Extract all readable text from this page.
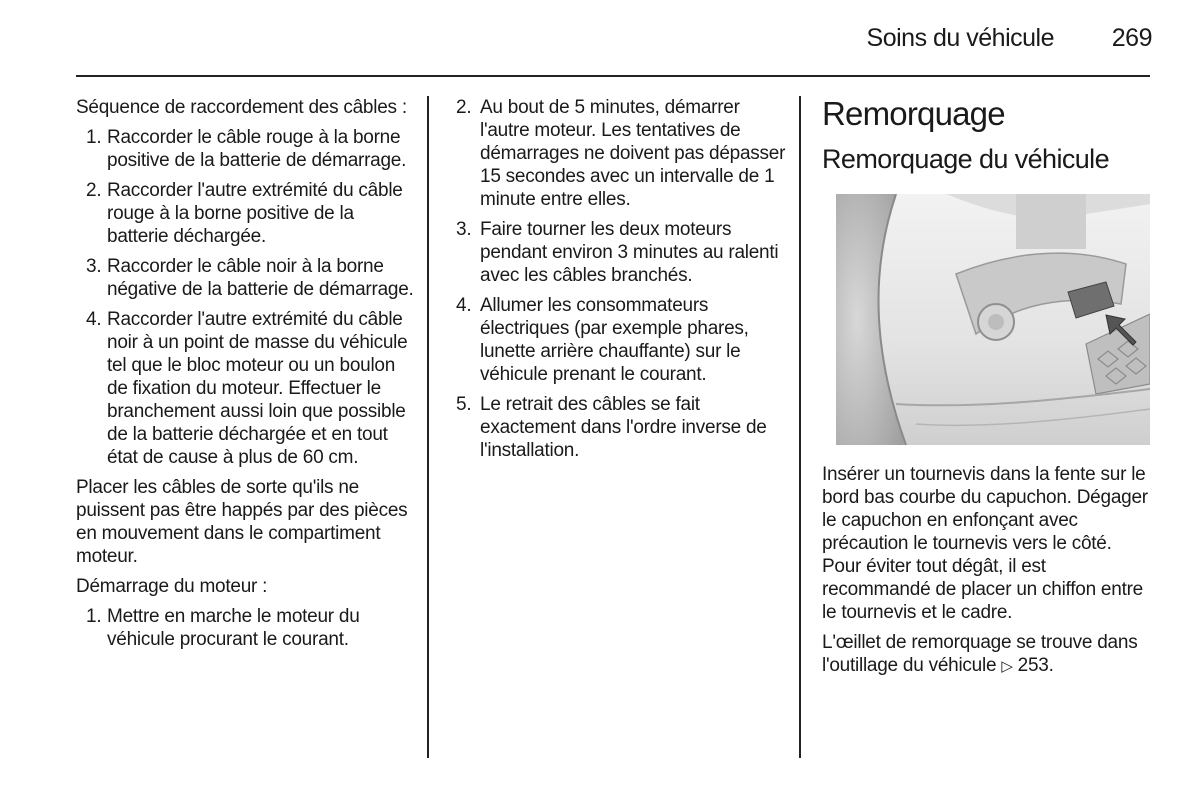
Soins du véhicule 269

Séquence de raccordement des câbles :

1. Raccorder le câble rouge à la borne positive de la batterie de démarrage.
2. Raccorder l'autre extrémité du câble rouge à la borne positive de la batterie déchargée.
3. Raccorder le câble noir à la borne négative de la batterie de démarrage.
4. Raccorder l'autre extrémité du câble noir à un point de masse du véhicule tel que le bloc moteur ou un boulon de fixation du moteur. Effectuer le branchement aussi loin que possible de la batterie déchargée et en tout état de cause à plus de 60 cm.

Placer les câbles de sorte qu'ils ne puissent pas être happés par des pièces en mouvement dans le compartiment moteur.

Démarrage du moteur :

1. Mettre en marche le moteur du véhicule procurant le courant.
2. Au bout de 5 minutes, démarrer l'autre moteur. Les tentatives de démarrages ne doivent pas dépasser 15 secondes avec un intervalle de 1 minute entre elles.
3. Faire tourner les deux moteurs pendant environ 3 minutes au ralenti avec les câbles branchés.
4. Allumer les consommateurs électriques (par exemple phares, lunette arrière chauffante) sur le véhicule prenant le courant.
5. Le retrait des câbles se fait exactement dans l'ordre inverse de l'installation.
Remorquage
Remorquage du véhicule

Insérer un tournevis dans la fente sur le bord bas courbe du capuchon. Dégager le capuchon en enfonçant avec précaution le tournevis vers le côté. Pour éviter tout dégât, il est recommandé de placer un chiffon entre le tournevis et le cadre.

L'œillet de remorquage se trouve dans l'outillage du véhicule ▷ 253.
